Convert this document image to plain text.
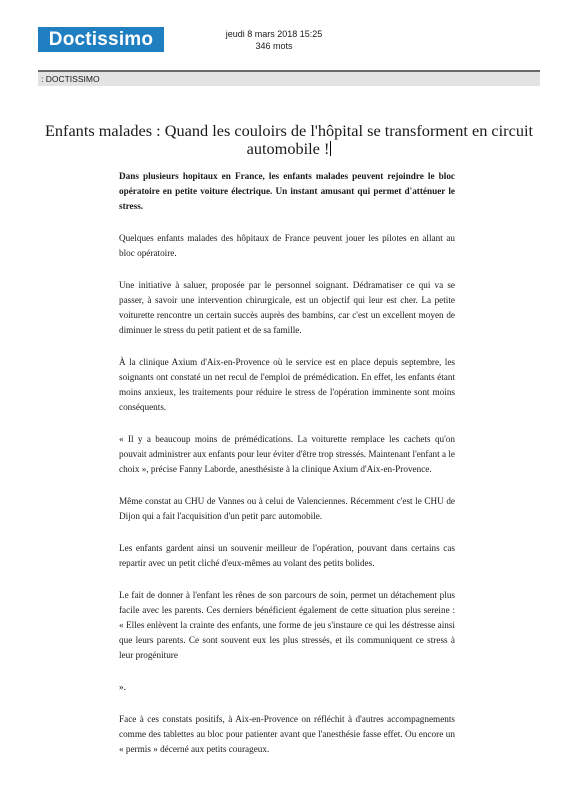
Doctissimo	jeudi 8 mars 2018 15:25
346 mots
: DOCTISSIMO
Enfants malades : Quand les couloirs de l'hôpital se transforment en circuit automobile !

Dans plusieurs hopitaux en France, les enfants malades peuvent rejoindre le bloc opératoire en petite voiture électrique. Un instant amusant qui permet d'atténuer le stress.

Quelques enfants malades des hôpitaux de France peuvent jouer les pilotes en allant au bloc opératoire.

Une initiative à saluer, proposée par le personnel soignant. Dédramatiser ce qui va se passer, à savoir une intervention chirurgicale, est un objectif qui leur est cher. La petite voiturette rencontre un certain succès auprès des bambins, car c'est un excellent moyen de diminuer le stress du petit patient et de sa famille.

À la clinique Axium d'Aix-en-Provence où le service est en place depuis septembre, les soignants ont constaté un net recul de l'emploi de prémédication. En effet, les enfants étant moins anxieux, les traitements pour réduire le stress de l'opération imminente sont moins conséquents.

« Il y a beaucoup moins de prémédications. La voiturette remplace les cachets qu'on pouvait administrer aux enfants pour leur éviter d'être trop stressés. Maintenant l'enfant a le choix », précise Fanny Laborde, anesthésiste à la clinique Axium d'Aix-en-Provence.

Même constat au CHU de Vannes ou à celui de Valenciennes. Récemment c'est le CHU de Dijon qui a fait l'acquisition d'un petit parc automobile.

Les enfants gardent ainsi un souvenir meilleur de l'opération, pouvant dans certains cas repartir avec un petit cliché d'eux-mêmes au volant des petits bolides.

Le fait de donner à l'enfant les rênes de son parcours de soin, permet un détachement plus facile avec les parents. Ces derniers bénéficient également de cette situation plus sereine : « Elles enlèvent la crainte des enfants, une forme de jeu s'instaure ce qui les déstresse ainsi que leurs parents. Ce sont souvent eux les plus stressés, et ils communiquent ce stress à leur progéniture

».

Face à ces constats positifs, à Aix-en-Provence on réfléchit à d'autres accompagnements comme des tablettes au bloc pour patienter avant que l'anesthésie fasse effet. Ou encore un « permis » décerné aux petits courageux.
